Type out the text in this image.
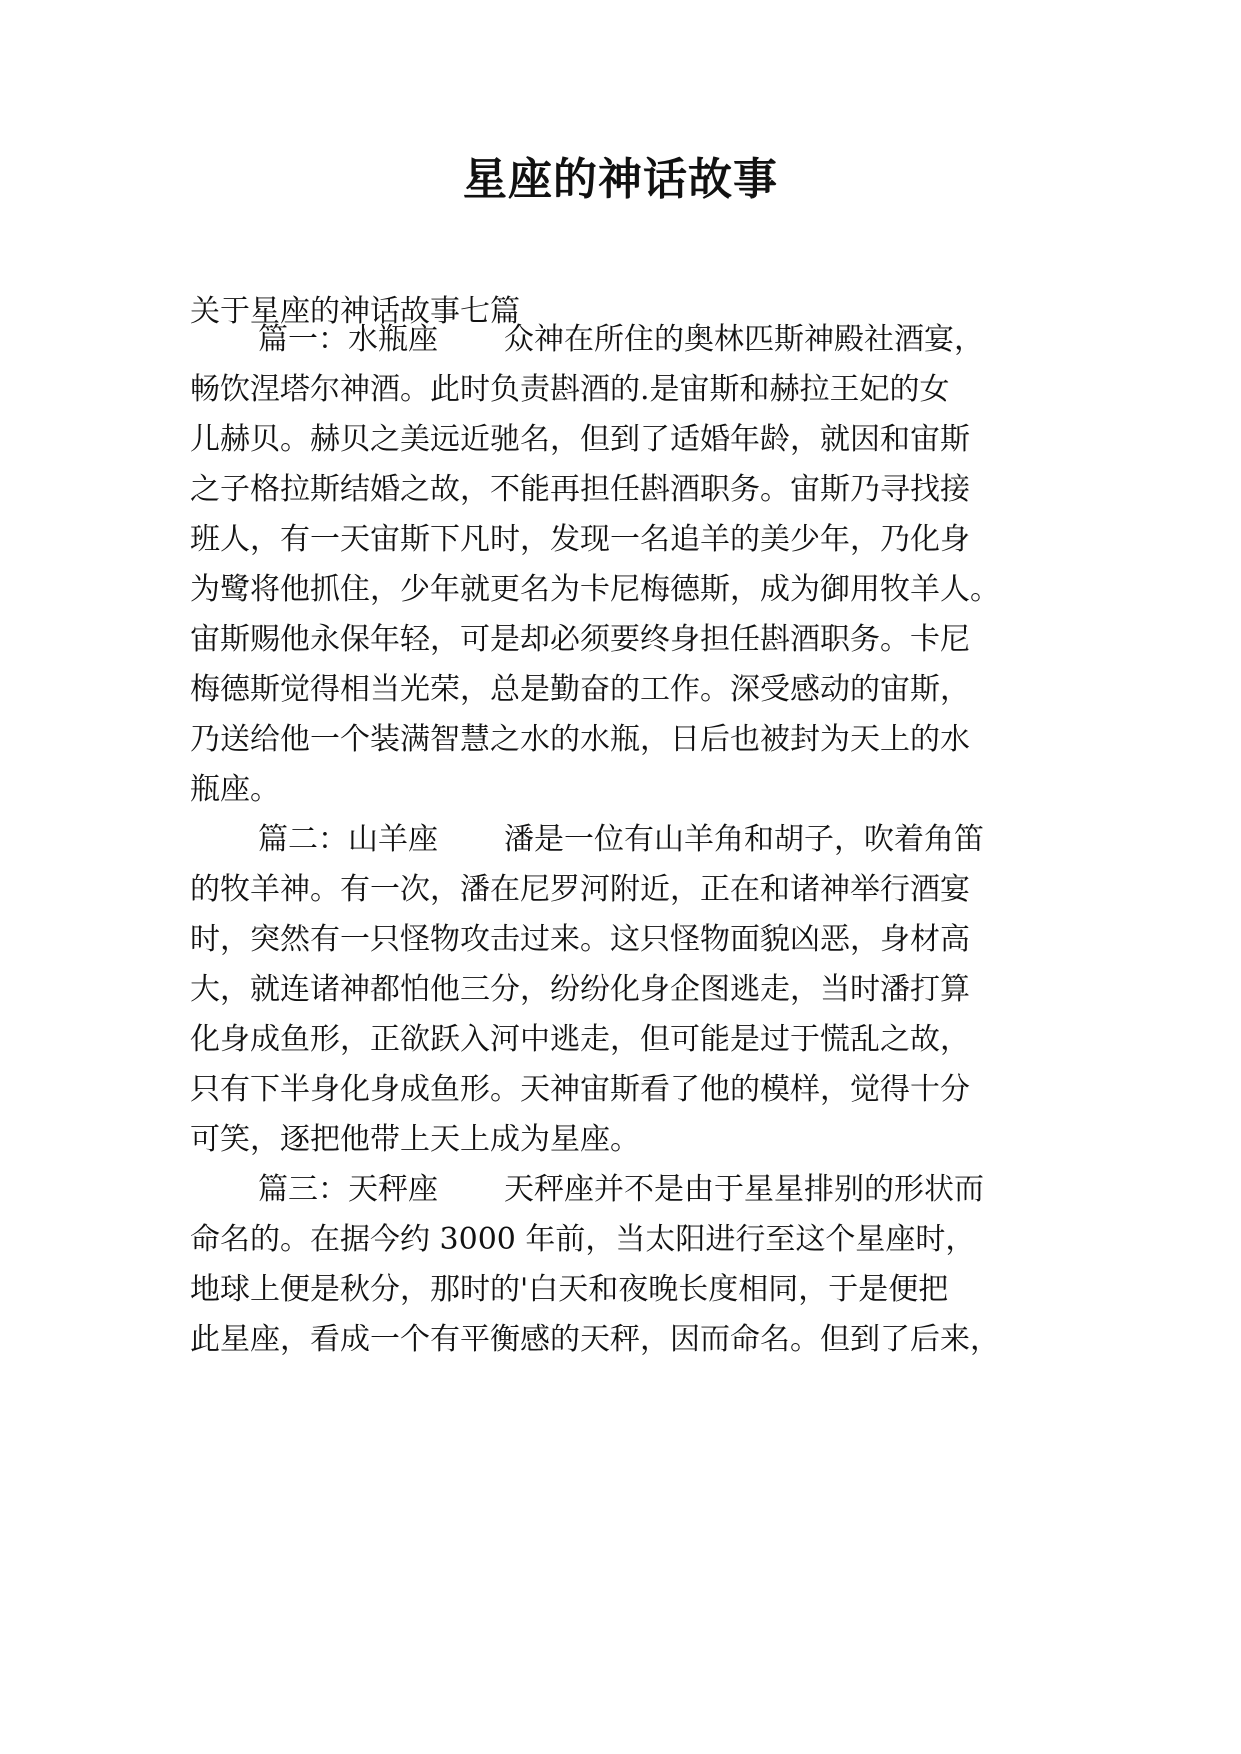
星座的神话故事

关于星座的神话故事七篇

篇一：水瓶座 众神在所住的奥林匹斯神殿社酒宴，

畅饮涅塔尔神酒。此时负责斟酒的.是宙斯和赫拉王妃的女

儿赫贝。赫贝之美远近驰名，但到了适婚年龄，就因和宙斯

之子格拉斯结婚之故，不能再担任斟酒职务。宙斯乃寻找接

班人，有一天宙斯下凡时，发现一名追羊的美少年，乃化身

为鹭将他抓住，少年就更名为卡尼梅德斯，成为御用牧羊人。

宙斯赐他永保年轻，可是却必须要终身担任斟酒职务。卡尼

梅德斯觉得相当光荣，总是勤奋的工作。深受感动的宙斯，

乃送给他一个装满智慧之水的水瓶，日后也被封为天上的水

瓶座。

篇二：山羊座 潘是一位有山羊角和胡子，吹着角笛

的牧羊神。有一次，潘在尼罗河附近，正在和诸神举行酒宴

时，突然有一只怪物攻击过来。这只怪物面貌凶恶，身材高

大，就连诸神都怕他三分，纷纷化身企图逃走，当时潘打算

化身成鱼形，正欲跃入河中逃走，但可能是过于慌乱之故，

只有下半身化身成鱼形。天神宙斯看了他的模样，觉得十分

可笑，逐把他带上天上成为星座。

篇三：天秤座 天秤座并不是由于星星排别的形状而

命名的。在据今约 3000 年前，当太阳进行至这个星座时，

地球上便是秋分，那时的'白天和夜晚长度相同，于是便把

此星座，看成一个有平衡感的天秤，因而命名。但到了后来，
